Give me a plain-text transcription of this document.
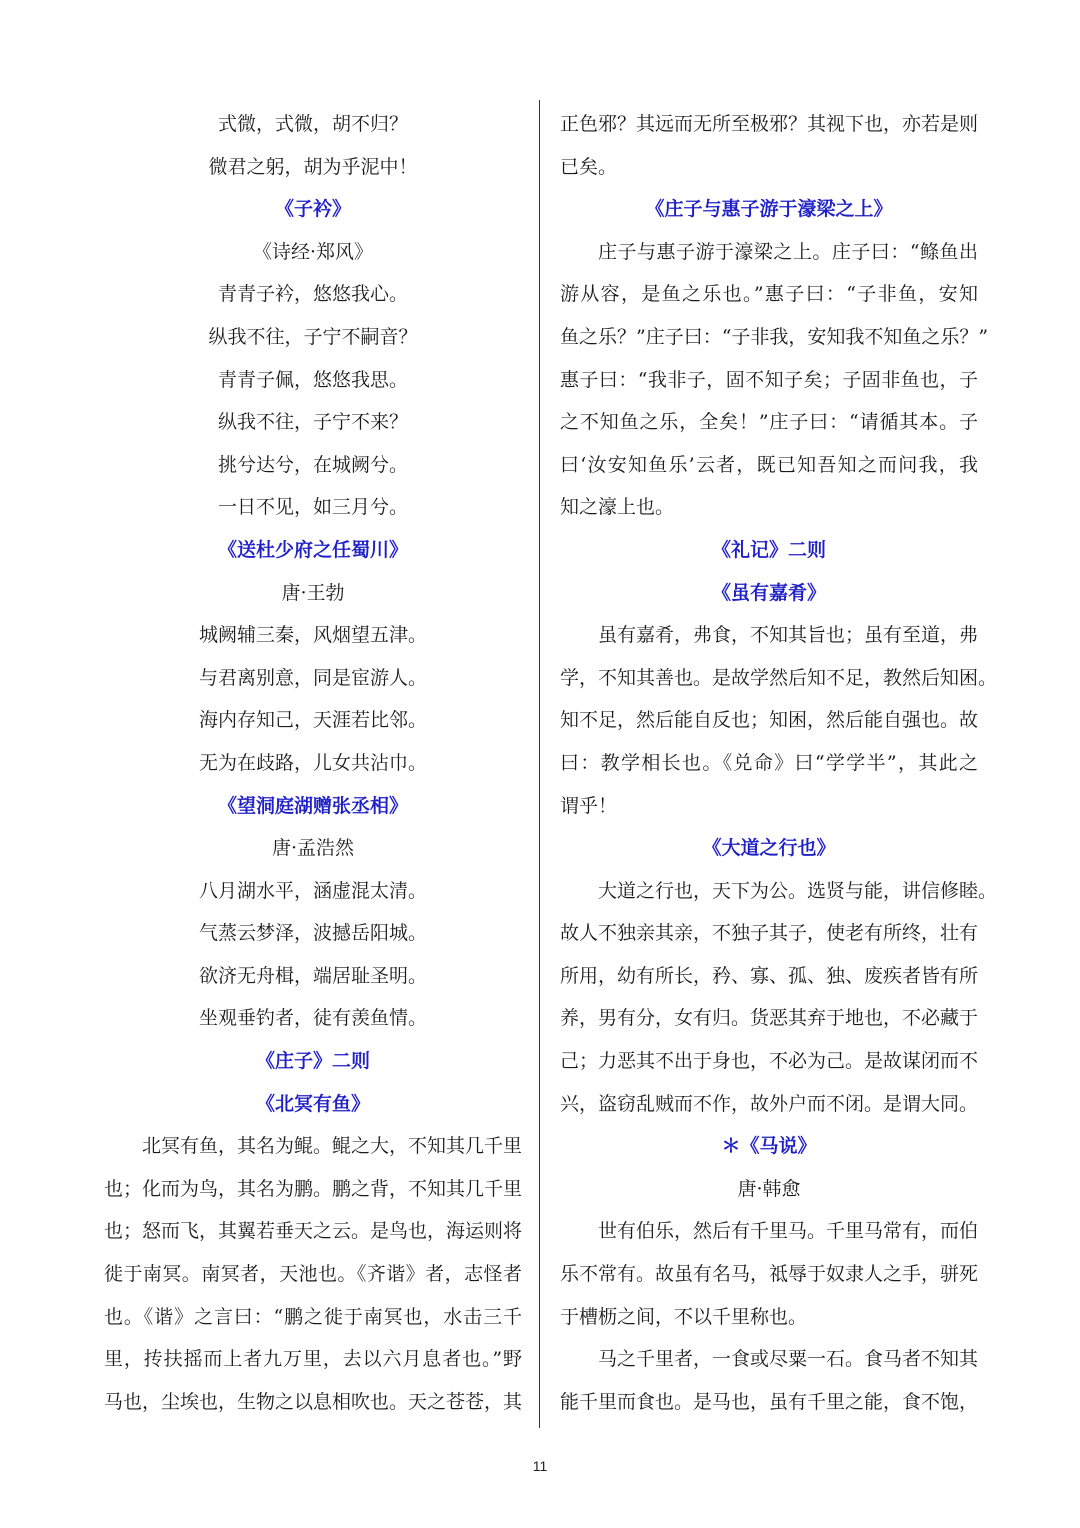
式微，式微，胡不归？
微君之躬，胡为乎泥中！
《子衿》
《诗经·郑风》
青青子衿，悠悠我心。
纵我不往，子宁不嗣音？
青青子佩，悠悠我思。
纵我不往，子宁不来？
挑兮达兮，在城阙兮。
一日不见，如三月兮。
《送杜少府之任蜀川》
唐·王勃
城阙辅三秦，风烟望五津。
与君离别意，同是宦游人。
海内存知己，天涯若比邻。
无为在歧路，儿女共沾巾。
《望洞庭湖赠张丞相》
唐·孟浩然
八月湖水平，涵虚混太清。
气蒸云梦泽，波撼岳阳城。
欲济无舟楫，端居耻圣明。
坐观垂钓者，徒有羡鱼情。
《庄子》二则
《北冥有鱼》
北冥有鱼，其名为鲲。鲲之大，不知其几千里
也；化而为鸟，其名为鹏。鹏之背，不知其几千里
也；怒而飞，其翼若垂天之云。是鸟也，海运则将
徙于南冥。南冥者，天池也。《齐谐》者，志怪者
也。《谐》之言曰：“鹏之徙于南冥也，水击三千
里，抟扶摇而上者九万里，去以六月息者也。”野
马也，尘埃也，生物之以息相吹也。天之苍苍，其
正色邪？其远而无所至极邪？其视下也，亦若是则
已矣。
《庄子与惠子游于濠梁之上》
庄子与惠子游于濠梁之上。庄子曰：“鲦鱼出
游从容，是鱼之乐也。”惠子曰：“子非鱼，安知
鱼之乐？”庄子曰：“子非我，安知我不知鱼之乐？”
惠子曰：“我非子，固不知子矣；子固非鱼也，子
之不知鱼之乐，全矣！”庄子曰：“请循其本。子
曰‘汝安知鱼乐’云者，既已知吾知之而问我，我
知之濠上也。
《礼记》二则
《虽有嘉肴》
虽有嘉肴，弗食，不知其旨也；虽有至道，弗
学，不知其善也。是故学然后知不足，教然后知困。
知不足，然后能自反也；知困，然后能自强也。故
曰：教学相长也。《兑命》曰“学学半”，其此之
谓乎！
《大道之行也》
大道之行也，天下为公。选贤与能，讲信修睦。
故人不独亲其亲，不独子其子，使老有所终，壮有
所用，幼有所长，矜、寡、孤、独、废疾者皆有所
养，男有分，女有归。货恶其弃于地也，不必藏于
己；力恶其不出于身也，不必为己。是故谋闭而不
兴，盗窃乱贼而不作，故外户而不闭。是谓大同。
＊《马说》
唐·韩愈
世有伯乐，然后有千里马。千里马常有，而伯
乐不常有。故虽有名马，祗辱于奴隶人之手，骈死
于槽枥之间，不以千里称也。
马之千里者，一食或尽粟一石。食马者不知其
能千里而食也。是马也，虽有千里之能，食不饱，
11
